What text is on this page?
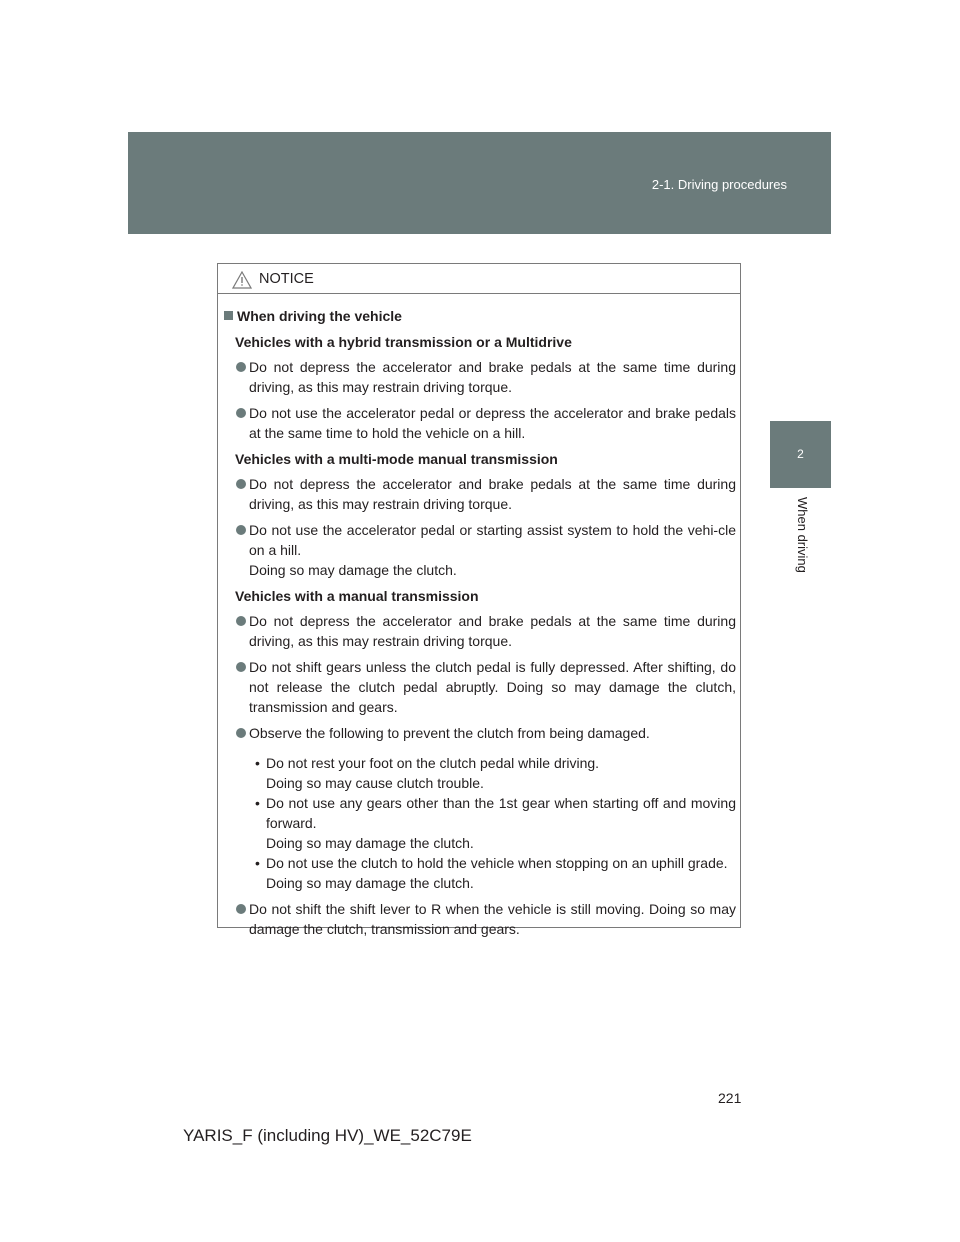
2-1. Driving procedures
2
When driving
NOTICE
When driving the vehicle
Vehicles with a hybrid transmission or a Multidrive
Do not depress the accelerator and brake pedals at the same time during driving, as this may restrain driving torque.
Do not use the accelerator pedal or depress the accelerator and brake pedals at the same time to hold the vehicle on a hill.
Vehicles with a multi-mode manual transmission
Do not depress the accelerator and brake pedals at the same time during driving, as this may restrain driving torque.
Do not use the accelerator pedal or starting assist system to hold the vehi-cle on a hill.
Doing so may damage the clutch.
Vehicles with a manual transmission
Do not depress the accelerator and brake pedals at the same time during driving, as this may restrain driving torque.
Do not shift gears unless the clutch pedal is fully depressed. After shifting, do not release the clutch pedal abruptly. Doing so may damage the clutch, transmission and gears.
Observe the following to prevent the clutch from being damaged.
• Do not rest your foot on the clutch pedal while driving.
Doing so may cause clutch trouble.
• Do not use any gears other than the 1st gear when starting off and moving forward.
Doing so may damage the clutch.
• Do not use the clutch to hold the vehicle when stopping on an uphill grade.
Doing so may damage the clutch.
Do not shift the shift lever to R when the vehicle is still moving. Doing so may damage the clutch, transmission and gears.
221
YARIS_F (including HV)_WE_52C79E
